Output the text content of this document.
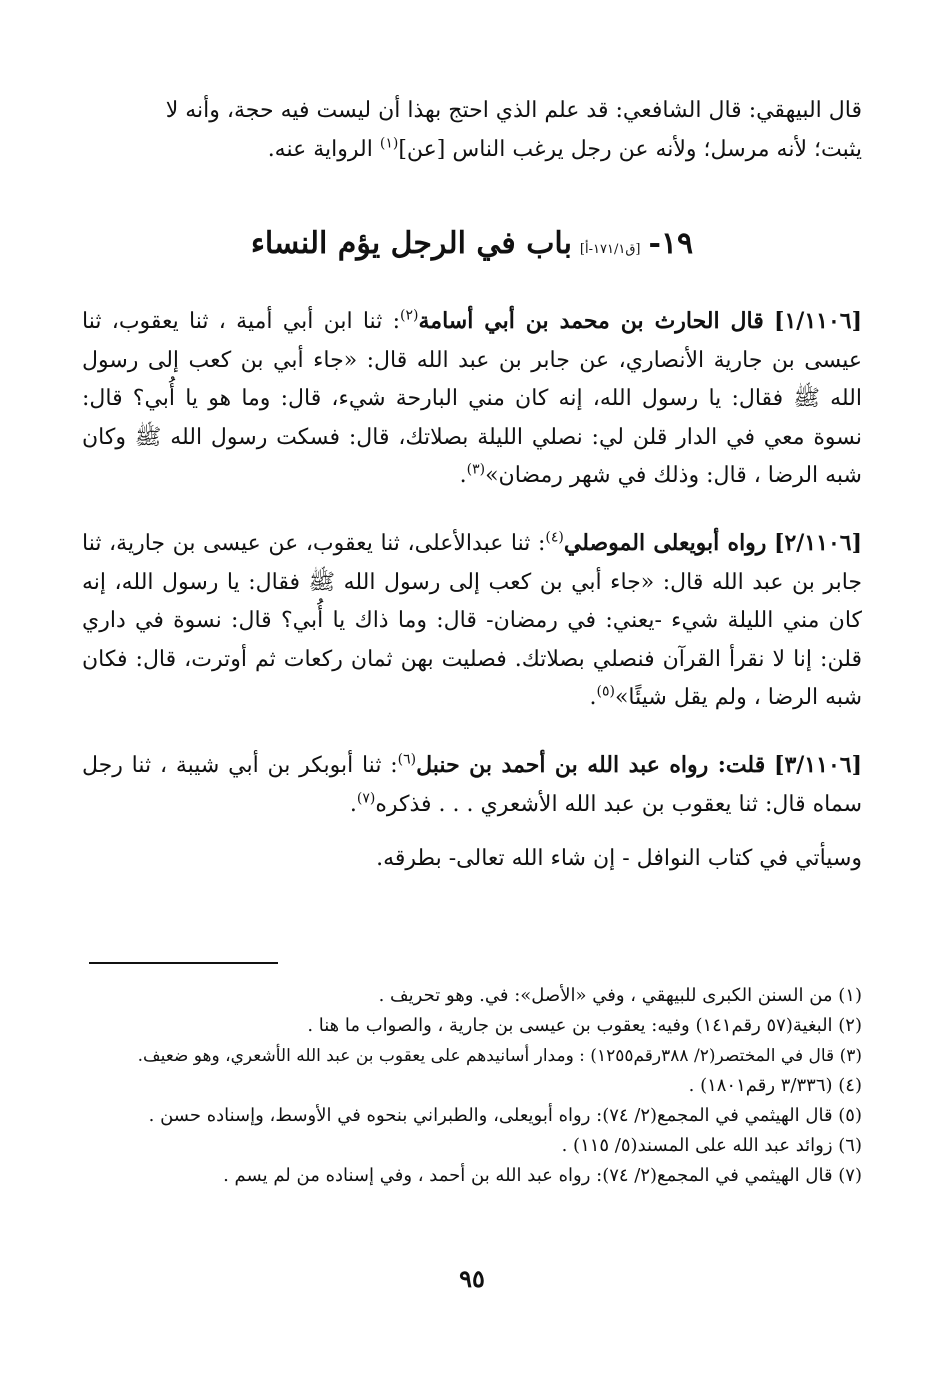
قال البيهقي: قال الشافعي: قد علم الذي احتج بهذا أن ليست فيه حجة، وأنه لا
يثبت؛ لأنه مرسل؛ ولأنه عن رجل يرغب الناس [عن]$^{(١)}$ الرواية عنه.
١٩-[ق١٧١/١-أ]باب في الرجل يؤم النساء
[١/١١٠٦] قال الحارث بن محمد بن أبي أسامة$^{(٢)}$: ثنا ابن أبي أمية ، ثنا يعقوب، ثنا عيسى بن جارية الأنصاري، عن جابر بن عبد الله قال: «جاء أبي بن كعب إلى رسول الله ﷺ فقال: يا رسول الله، إنه كان مني البارحة شيء، قال: وما هو يا أُبي؟ قال: نسوة معي في الدار قلن لي: نصلي الليلة بصلاتك، قال: فسكت رسول الله ﷺ وكان شبه الرضا ، قال: وذلك في شهر رمضان»$^{(٣)}$.
[٢/١١٠٦] رواه أبويعلى الموصلي$^{(٤)}$: ثنا عبدالأعلى، ثنا يعقوب، عن عيسى بن جارية، ثنا جابر بن عبد الله قال: «جاء أبي بن كعب إلى رسول الله ﷺ فقال: يا رسول الله، إنه كان مني الليلة شيء -يعني: في رمضان- قال: وما ذاك يا أُبي؟ قال: نسوة في داري قلن: إنا لا نقرأ القرآن فنصلي بصلاتك. فصليت بهن ثمان ركعات ثم أوترت، قال: فكان شبه الرضا ، ولم يقل شيئًا»$^{(٥)}$.
[٣/١١٠٦] قلت: رواه عبد الله بن أحمد بن حنبل$^{(٦)}$: ثنا أبوبكر بن أبي شيبة ، ثنا رجل سماه قال: ثنا يعقوب بن عبد الله الأشعري . . . فذكره$^{(٧)}$.
وسيأتي في كتاب النوافل - إن شاء الله تعالى- بطرقه.
(١) من السنن الكبرى للبيهقي ، وفي «الأصل»: في. وهو تحريف .
(٢) البغية(٥٧ رقم١٤١) وفيه: يعقوب بن عيسى بن جارية ، والصواب ما هنا .
(٣) قال في المختصر(٢/ ٣٨٨رقم١٢٥٥) : ومدار أسانيدهم على يعقوب بن عبد الله الأشعري، وهو ضعيف.
(٤) (٣/٣٣٦ رقم١٨٠١) .
(٥) قال الهيثمي في المجمع(٢/ ٧٤): رواه أبويعلى، والطبراني بنحوه في الأوسط، وإسناده حسن .
(٦) زوائد عبد الله على المسند(٥/ ١١٥) .
(٧) قال الهيثمي في المجمع(٢/ ٧٤): رواه عبد الله بن أحمد ، وفي إسناده من لم يسم .
٩٥
